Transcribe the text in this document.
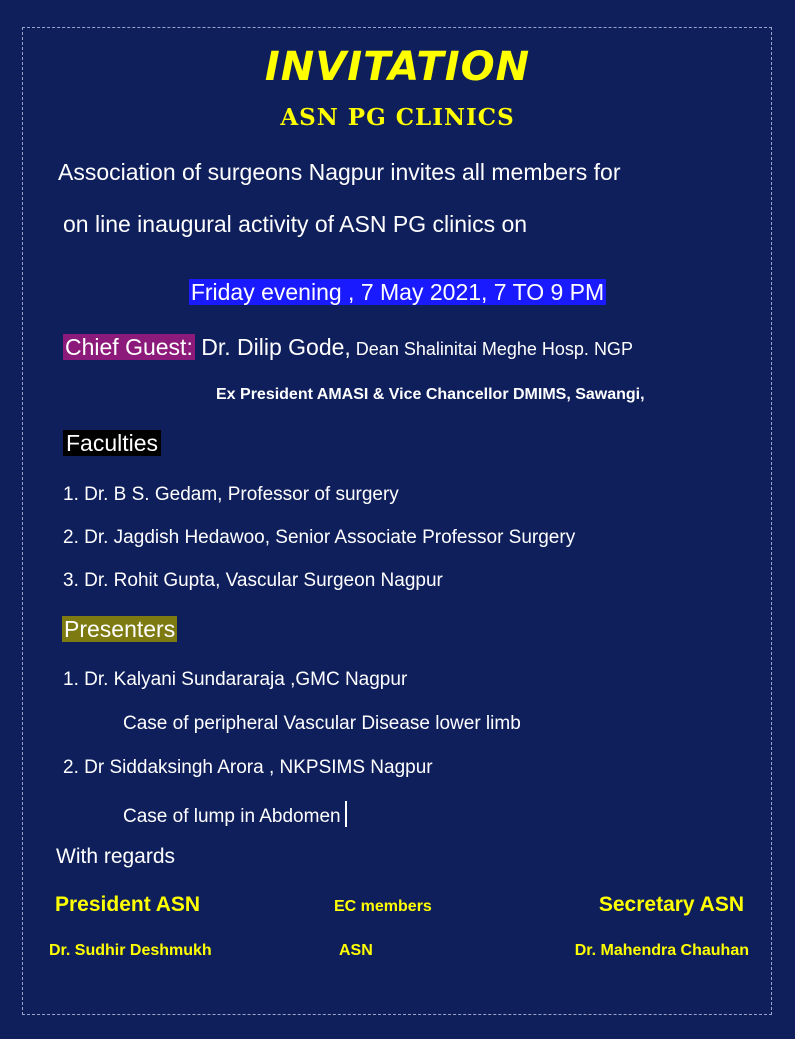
INVITATION
ASN PG CLINICS
Association of surgeons Nagpur invites all members for
on line inaugural activity of ASN PG clinics on
Friday evening , 7 May 2021, 7 TO 9 PM
Chief Guest: Dr. Dilip Gode, Dean Shalinitai Meghe Hosp. NGP
Ex President AMASI & Vice Chancellor DMIMS, Sawangi,
Faculties
1. Dr. B S. Gedam, Professor of surgery
2. Dr. Jagdish Hedawoo, Senior Associate Professor Surgery
3. Dr. Rohit Gupta, Vascular Surgeon Nagpur
Presenters
1. Dr. Kalyani Sundararaja ,GMC Nagpur
Case of peripheral Vascular Disease lower limb
2. Dr Siddaksingh Arora , NKPSIMS Nagpur
Case of lump in Abdomen
With regards
President ASN	EC members	Secretary ASN
Dr. Sudhir Deshmukh	ASN	Dr. Mahendra Chauhan
